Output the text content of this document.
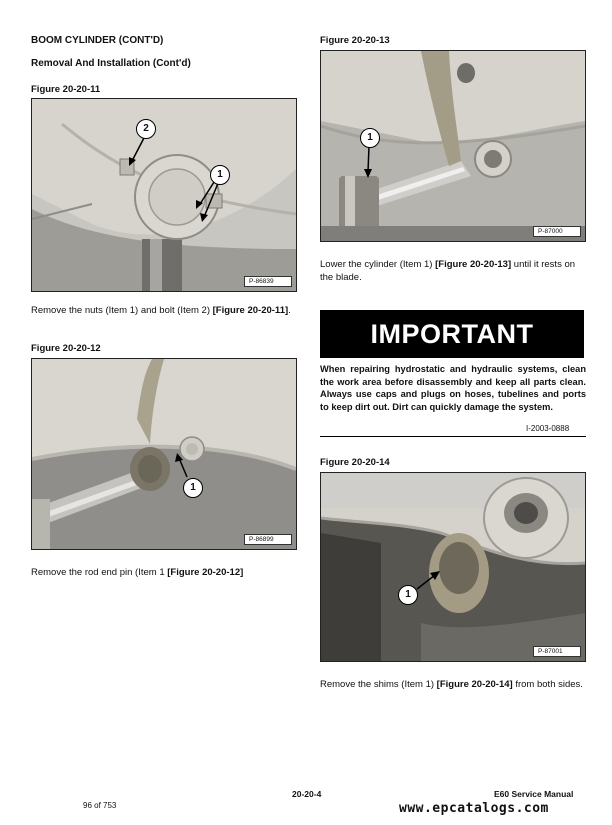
BOOM CYLINDER (CONT'D)
Removal And Installation (Cont'd)
Figure 20-20-11
2
1
P-86839
Remove the nuts (Item 1) and bolt (Item 2) [Figure 20-20-11].
Figure 20-20-12
1
P-86899
Remove the rod end pin (Item 1 [Figure 20-20-12]
Figure 20-20-13
1
P-87000
Lower the cylinder (Item 1) [Figure 20-20-13] until it rests on the blade.
IMPORTANT
When repairing hydrostatic and hydraulic systems, clean the work area before disassembly and keep all parts clean. Always use caps and plugs on hoses, tubelines and ports to keep dirt out. Dirt can quickly damage the system.
I-2003-0888
Figure 20-20-14
1
P-87001
Remove the shims (Item 1) [Figure 20-20-14] from both sides.
20-20-4	E60 Service Manual
96 of 753	www.epcatalogs.com
